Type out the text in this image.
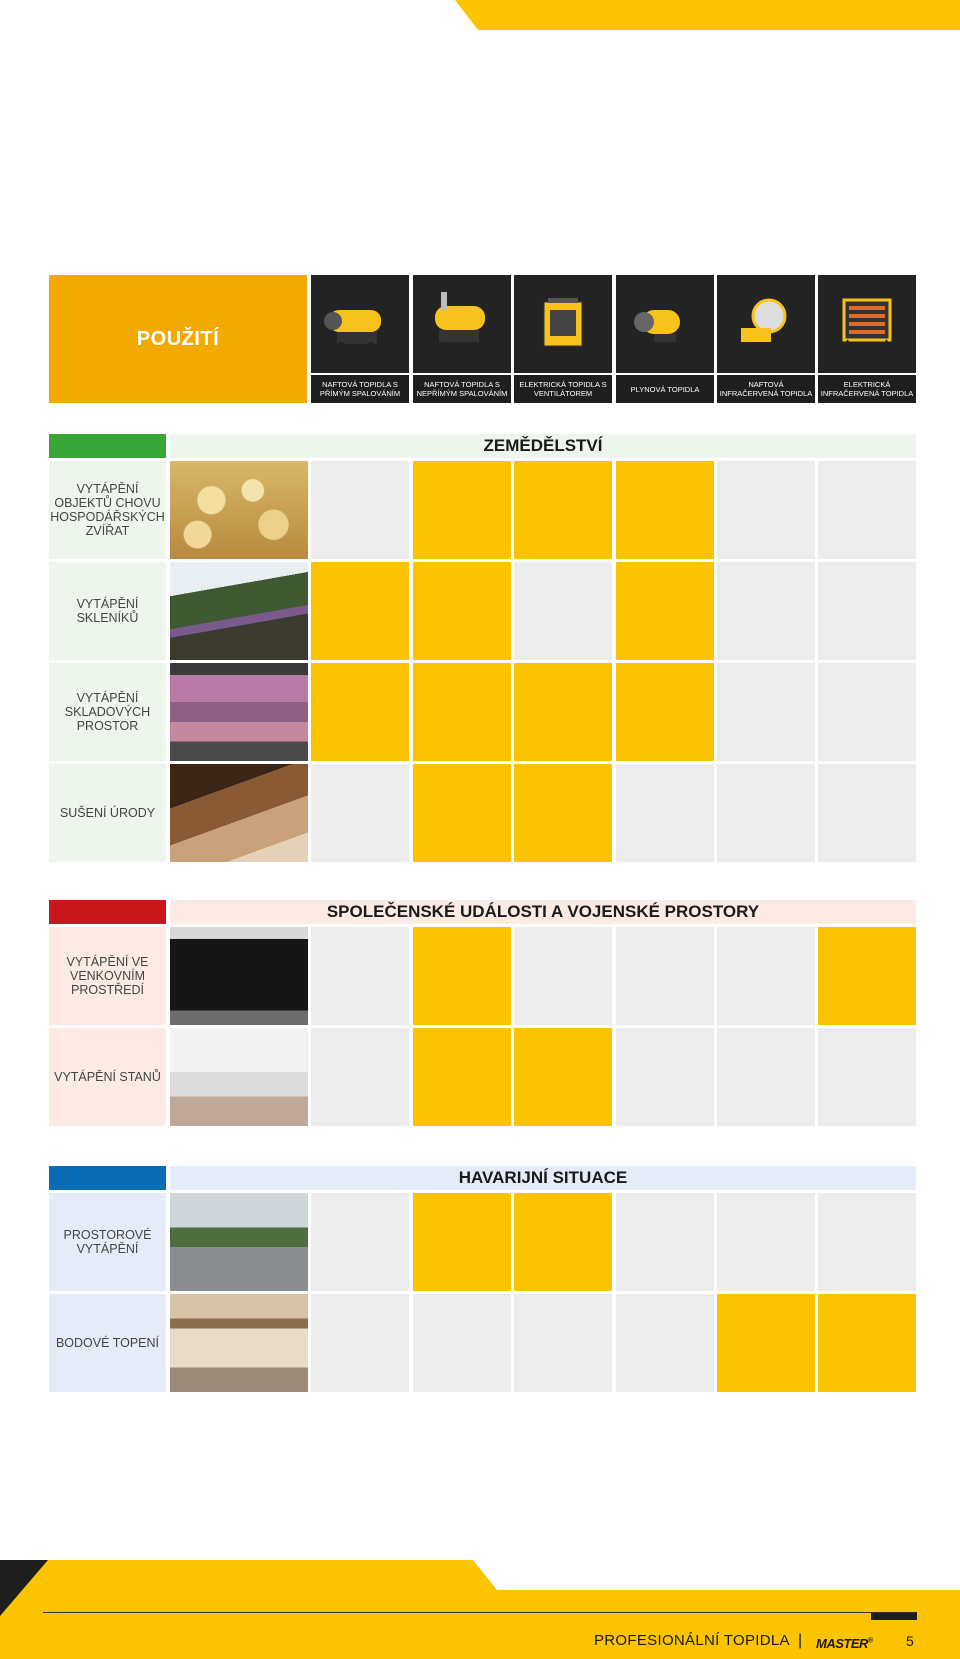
POUŽITÍ
NAFTOVÁ TOPIDLA S PŘÍMÝM SPALOVÁNÍM
NAFTOVÁ TOPIDLA S NEPŘÍMÝM SPALOVÁNÍM
ELEKTRICKÁ TOPIDLA S VENTILÁTOREM	PLYNOVÁ TOPIDLA	NAFTOVÁ INFRAČERVENÁ TOPIDLA
ELEKTRICKÁ INFRAČERVENÁ TOPIDLA
ZEMĚDĚLSTVÍ
VYTÁPĚNÍ OBJEKTŮ CHOVU HOSPODÁŘSKÝCH ZVÍŘAT
VYTÁPĚNÍ SKLENÍKŮ
VYTÁPĚNÍ SKLADOVÝCH PROSTOR
SUŠENÍ ÚRODY
SPOLEČENSKÉ UDÁLOSTI A VOJENSKÉ PROSTORY
VYTÁPĚNÍ VE VENKOVNÍM PROSTŘEDÍ
VYTÁPĚNÍ STANŮ
HAVARIJNÍ SITUACE
PROSTOROVÉ VYTÁPĚNÍ
BODOVÉ TOPENÍ
PROFESIONÁLNÍ TOPIDLA | MASTER® 5
